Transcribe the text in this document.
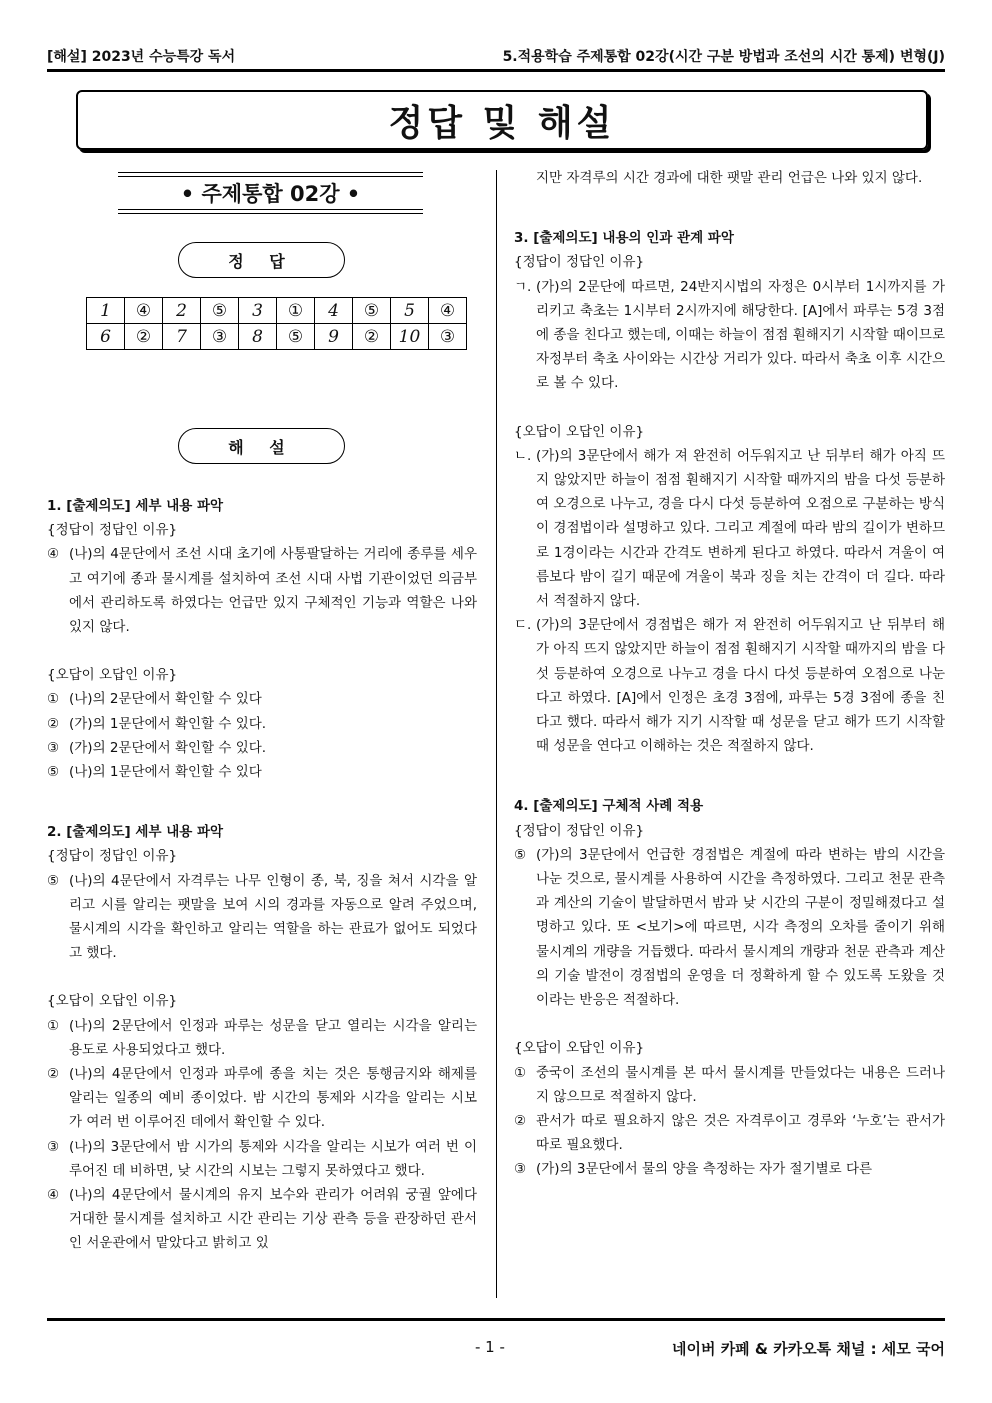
[해설] 2023년 수능특강 독서	5.적용학습 주제통합 02강(시간 구분 방법과 조선의 시간 통제) 변형(J)
정답 및 해설
• 주제통합 02강 •
정 답
1	④	2	⑤	3	①	4	⑤	5	④
6	②	7	③	8	⑤	9	②	10	③
해 설

1. [출제의도] 세부 내용 파악

{정답이 정답인 이유}

④ (나)의 4문단에서 조선 시대 초기에 사통팔달하는 거리에 종루를 세우고 여기에 종과 물시계를 설치하여 조선 시대 사법 기관이었던 의금부에서 관리하도록 하였다는 언급만 있지 구체적인 기능과 역할은 나와 있지 않다.

{오답이 오답인 이유}

① (나)의 2문단에서 확인할 수 있다
② (가)의 1문단에서 확인할 수 있다.
③ (가)의 2문단에서 확인할 수 있다.
⑤ (나)의 1문단에서 확인할 수 있다

2. [출제의도] 세부 내용 파악

{정답이 정답인 이유}

⑤ (나)의 4문단에서 자격루는 나무 인형이 종, 북, 징을 쳐서 시각을 알리고 시를 알리는 팻말을 보여 시의 경과를 자동으로 알려 주었으며, 물시계의 시각을 확인하고 알리는 역할을 하는 관료가 없어도 되었다고 했다.

{오답이 오답인 이유}

① (나)의 2문단에서 인정과 파루는 성문을 닫고 열리는 시각을 알리는 용도로 사용되었다고 했다.
② (나)의 4문단에서 인정과 파루에 종을 치는 것은 통행금지와 해제를 알리는 일종의 예비 종이었다. 밤 시간의 통제와 시각을 알리는 시보가 여러 번 이루어진 데에서 확인할 수 있다.
③ (나)의 3문단에서 밤 시가의 통제와 시각을 알리는 시보가 여러 번 이루어진 데 비하면, 낮 시간의 시보는 그렇지 못하였다고 했다.
④ (나)의 4문단에서 물시계의 유지 보수와 관리가 어려워 궁궐 앞에다 거대한 물시계를 설치하고 시간 관리는 기상 관측 등을 관장하던 관서인 서운관에서 맡았다고 밝히고 있
지만 자격루의 시간 경과에 대한 팻말 관리 언급은 나와 있지 않다.

3. [출제의도] 내용의 인과 관계 파악

{정답이 정답인 이유}

ㄱ. (가)의 2문단에 따르면, 24반지시법의 자정은 0시부터 1시까지를 가리키고 축초는 1시부터 2시까지에 해당한다. [A]에서 파루는 5경 3점에 종을 친다고 했는데, 이때는 하늘이 점점 훤해지기 시작할 때이므로 자정부터 축초 사이와는 시간상 거리가 있다. 따라서 축초 이후 시간으로 볼 수 있다.

{오답이 오답인 이유}

ㄴ. (가)의 3문단에서 해가 져 완전히 어두워지고 난 뒤부터 해가 아직 뜨지 않았지만 하늘이 점점 훤해지기 시작할 때까지의 밤을 다섯 등분하여 오경으로 나누고, 경을 다시 다섯 등분하여 오점으로 구분하는 방식이 경점법이라 설명하고 있다. 그리고 계절에 따라 밤의 길이가 변하므로 1경이라는 시간과 간격도 변하게 된다고 하였다. 따라서 겨울이 여름보다 밤이 길기 때문에 겨울이 북과 징을 치는 간격이 더 길다. 따라서 적절하지 않다.
ㄷ. (가)의 3문단에서 경점법은 해가 져 완전히 어두워지고 난 뒤부터 해가 아직 뜨지 않았지만 하늘이 점점 훤해지기 시작할 때까지의 밤을 다섯 등분하여 오경으로 나누고 경을 다시 다섯 등분하여 오점으로 나눈다고 하였다. [A]에서 인정은 초경 3점에, 파루는 5경 3점에 종을 친다고 했다. 따라서 해가 지기 시작할 때 성문을 닫고 해가 뜨기 시작할 때 성문을 연다고 이해하는 것은 적절하지 않다.

4. [출제의도] 구체적 사례 적용

{정답이 정답인 이유}

⑤ (가)의 3문단에서 언급한 경점법은 계절에 따라 변하는 밤의 시간을 나눈 것으로, 물시계를 사용하여 시간을 측정하였다. 그리고 천문 관측과 계산의 기술이 발달하면서 밤과 낮 시간의 구분이 정밀해졌다고 설명하고 있다. 또 <보기>에 따르면, 시각 측정의 오차를 줄이기 위해 물시계의 개량을 거듭했다. 따라서 물시계의 개량과 천문 관측과 계산의 기술 발전이 경점법의 운영을 더 정확하게 할 수 있도록 도왔을 것이라는 반응은 적절하다.

{오답이 오답인 이유}

① 중국이 조선의 물시계를 본 따서 물시계를 만들었다는 내용은 드러나지 않으므로 적절하지 않다.
② 관서가 따로 필요하지 않은 것은 자격루이고 경루와 ‘누호’는 관서가 따로 필요했다.
③ (가)의 3문단에서 물의 양을 측정하는 자가 절기별로 다른
- 1 -	네이버 카페 & 카카오톡 채널 : 세모 국어
